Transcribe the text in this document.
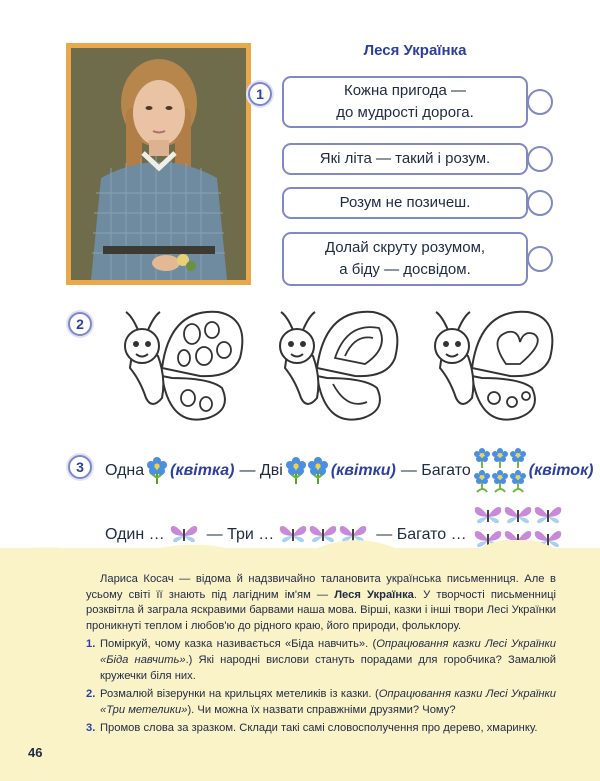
Леся Українка
1	Кожна пригода —
до мудрості дорога.
Які літа — такий і розум.
Розум не позичеш.
Долай скруту розумом,
а біду — досвідом.
2
3	Одна (квітка) — Дві	(квітки) — Багато	(квіток)
Один …	— Три …	— Багато …

Лариса Косач — відома й надзвичайно талановита українська письменниця. Але в усьому світі її знають під лагідним ім'ям — Леся Українка. У творчості письменниці розквітла й заграла яскравими барвами наша мова. Вірші, казки і інші твори Лесі Українки проникнуті теплом і любов'ю до рідного краю, його природи, фольклору.

1. Поміркуй, чому казка називається «Біда навчить». (Опрацювання казки Лесі Українки «Біда навчить».) Які народні вислови стануть порадами для горобчика? Замалюй кружечки біля них.
2. Розмалюй візерунки на крильцях метеликів із казки. (Опрацювання казки Лесі Українки «Три метелики»). Чи можна їх назвати справжніми друзями? Чому?
3. Промов слова за зразком. Склади такі самі словосполучення про дерево, хмаринку.
46
